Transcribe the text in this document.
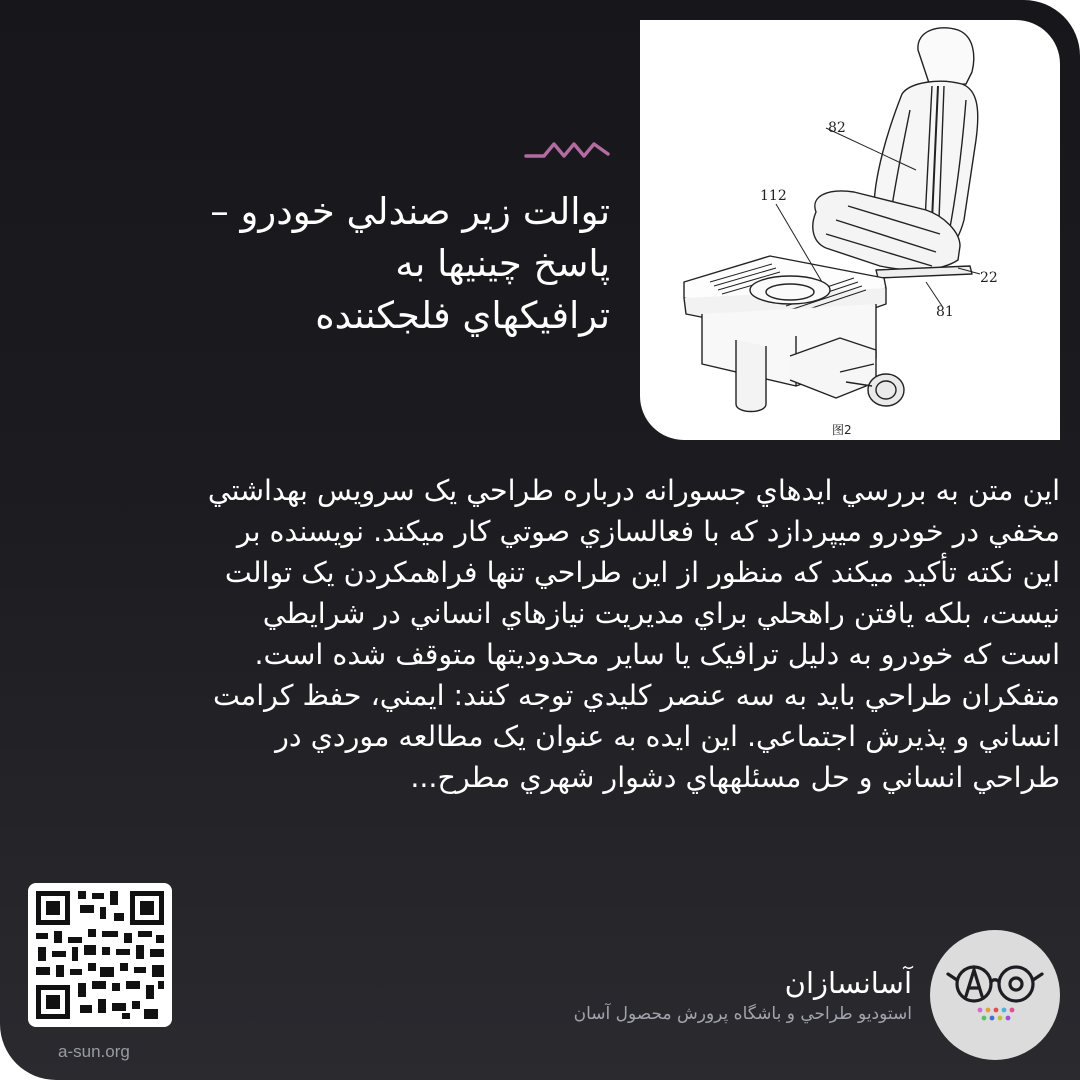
82
112
22
81
图2
توالت زير صندلي خودرو –
پاسخ چينيها به
ترافيکهاي فلجکننده
اين متن به بررسي ايدهاي جسورانه درباره طراحي يک سرويس بهداشتي مخفي در خودرو ميپردازد که با فعالسازي صوتي کار ميکند. نويسنده بر اين نکته تأکيد ميکند که منظور از اين طراحي تنها فراهمکردن يک توالت نيست، بلکه يافتن راهحلي براي مديريت نيازهاي انساني در شرايطي است که خودرو به دليل ترافيک يا ساير محدوديتها متوقف شده است. متفکران طراحي بايد به سه عنصر کليدي توجه کنند: ايمني، حفظ کرامت انساني و پذيرش اجتماعي. اين ايده به عنوان يک مطالعه موردي در طراحي انساني و حل مسئلههاي دشوار شهري مطرح...
a-sun.org
آسانسازان
استوديو طراحي و باشگاه پرورش محصول آسان
